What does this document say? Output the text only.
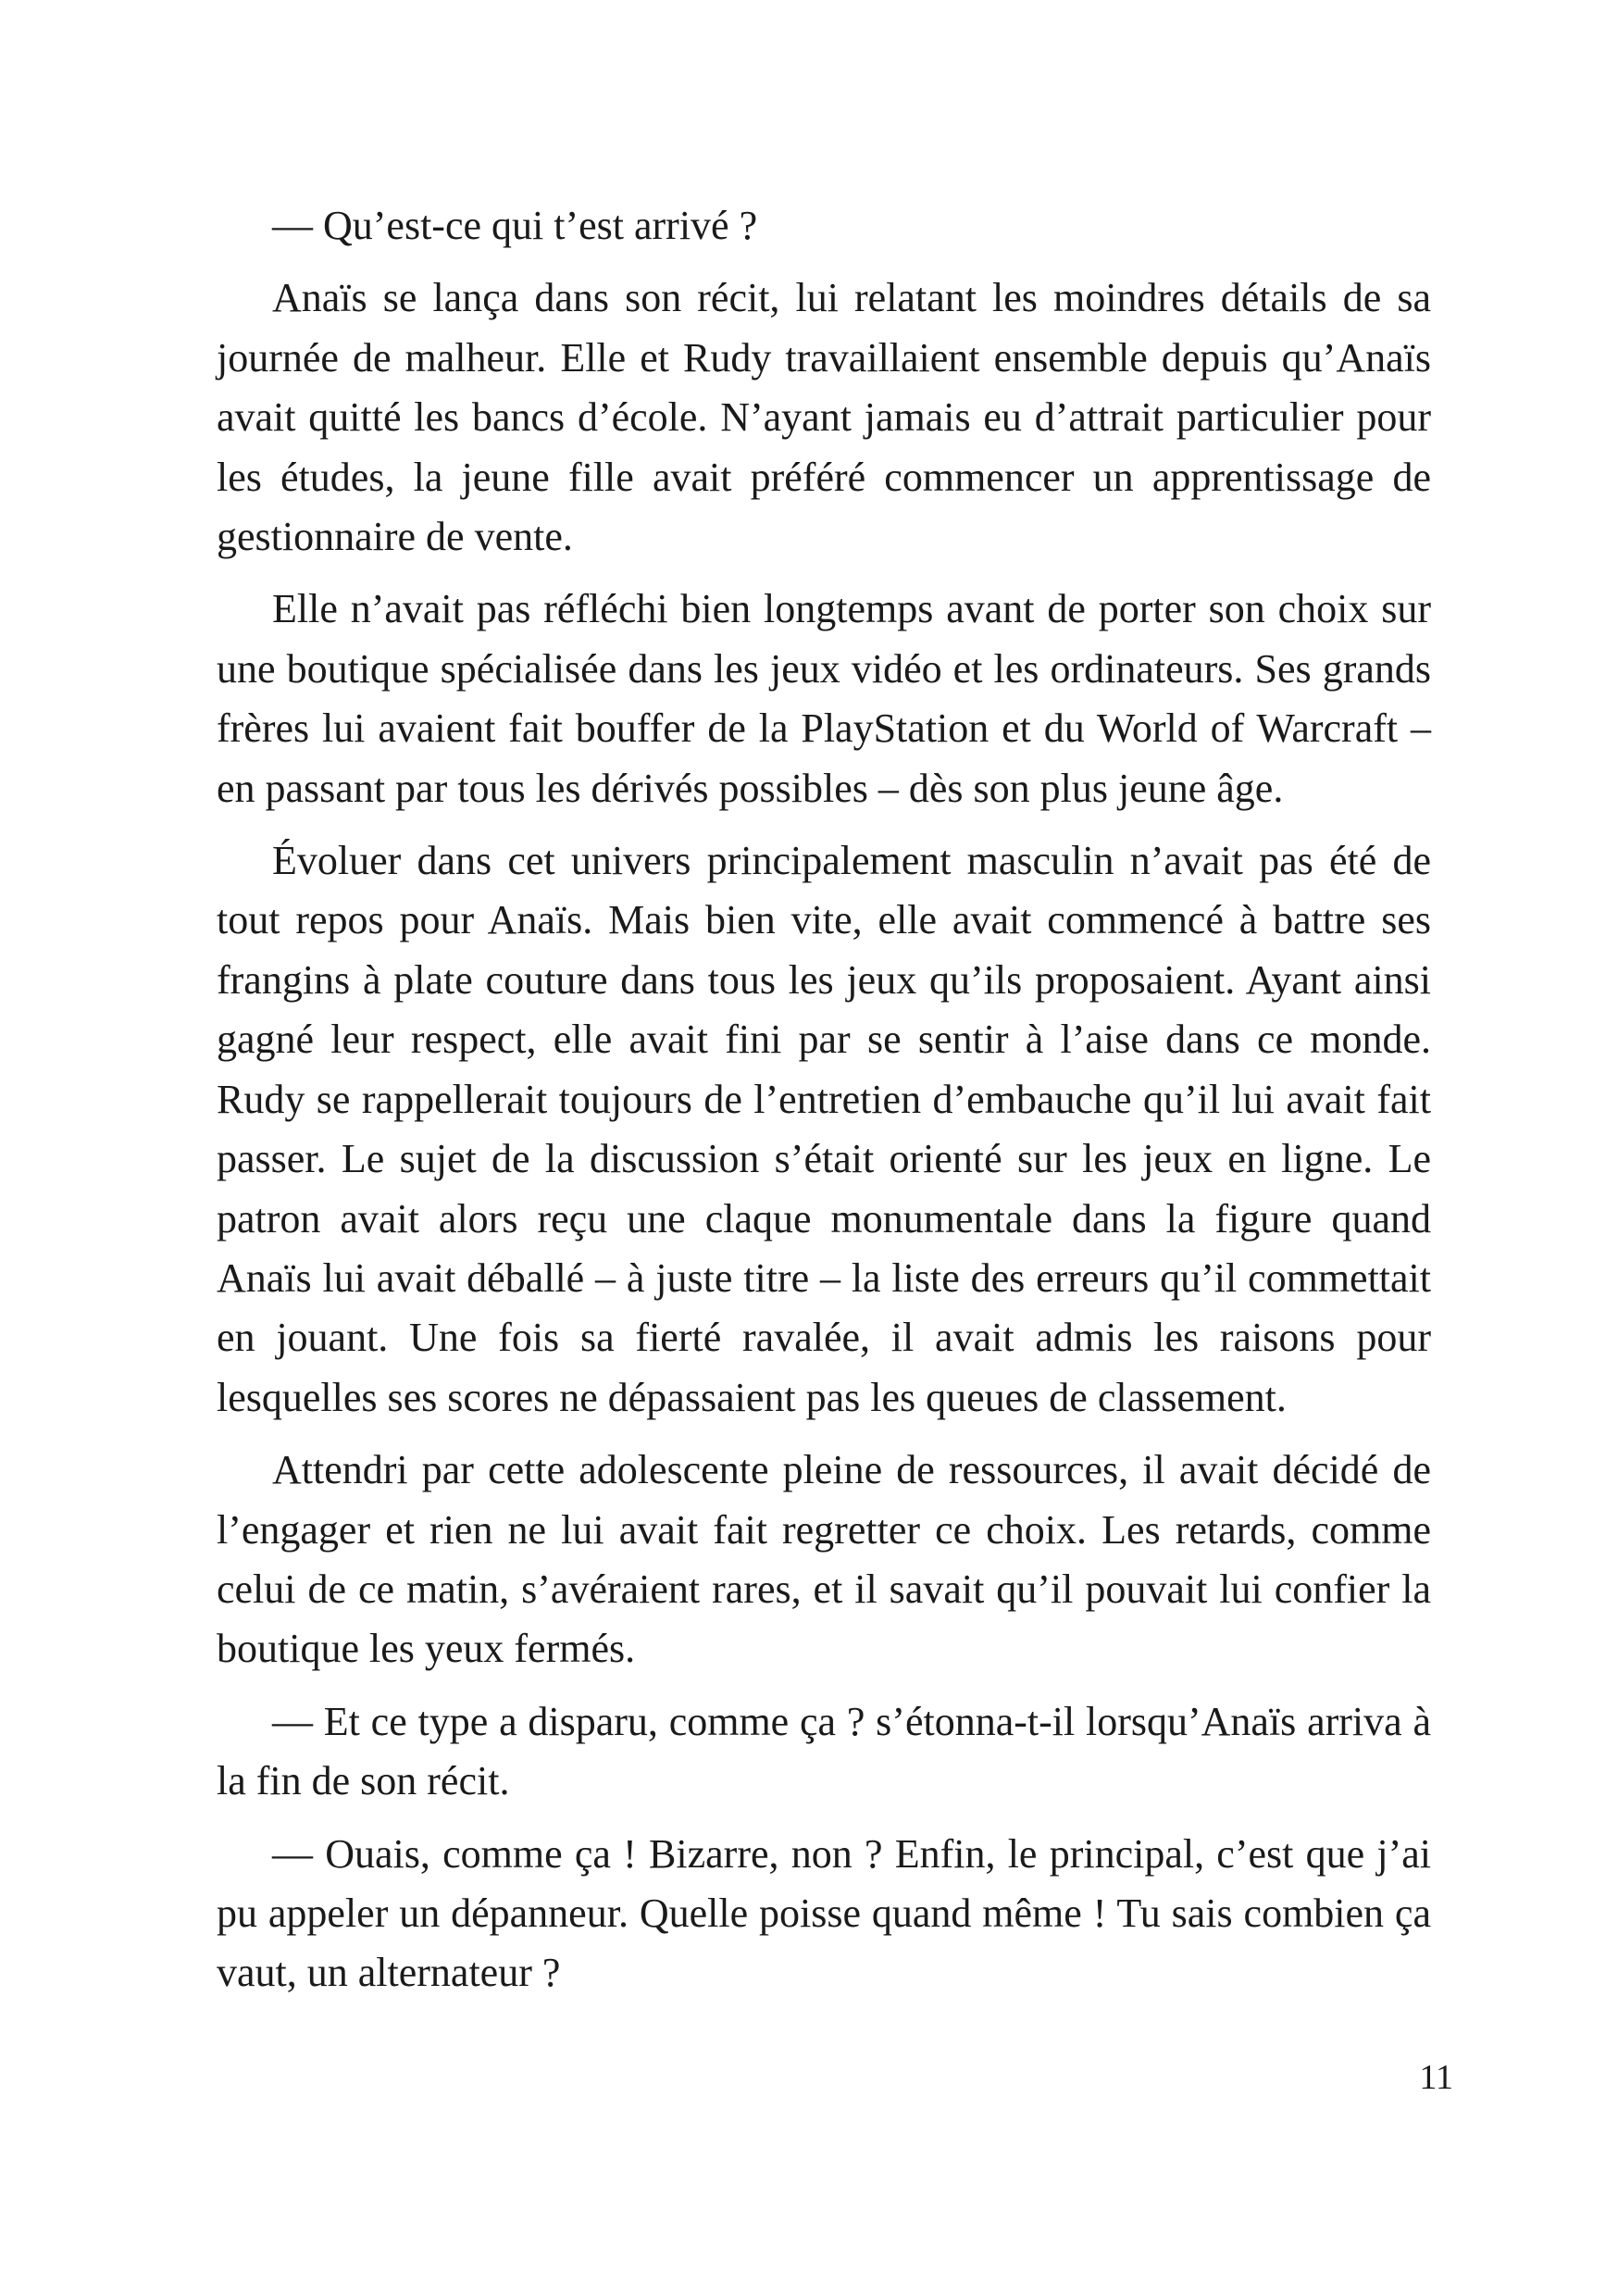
— Qu’est-ce qui t’est arrivé ?

Anaïs se lança dans son récit, lui relatant les moindres détails de sa journée de malheur. Elle et Rudy travaillaient ensemble depuis qu’Anaïs avait quitté les bancs d’école. N’ayant jamais eu d’attrait particulier pour les études, la jeune fille avait préféré commencer un apprentissage de gestionnaire de vente.

Elle n’avait pas réfléchi bien longtemps avant de porter son choix sur une boutique spécialisée dans les jeux vidéo et les ordinateurs. Ses grands frères lui avaient fait bouffer de la PlayStation et du World of Warcraft – en passant par tous les dérivés possibles – dès son plus jeune âge.

Évoluer dans cet univers principalement masculin n’avait pas été de tout repos pour Anaïs. Mais bien vite, elle avait commencé à battre ses frangins à plate couture dans tous les jeux qu’ils proposaient. Ayant ainsi gagné leur respect, elle avait fini par se sentir à l’aise dans ce monde. Rudy se rappellerait toujours de l’entretien d’embauche qu’il lui avait fait passer. Le sujet de la discussion s’était orienté sur les jeux en ligne. Le patron avait alors reçu une claque monumentale dans la figure quand Anaïs lui avait déballé – à juste titre – la liste des erreurs qu’il commettait en jouant. Une fois sa fierté ravalée, il avait admis les raisons pour lesquelles ses scores ne dépassaient pas les queues de classement.

Attendri par cette adolescente pleine de ressources, il avait décidé de l’engager et rien ne lui avait fait regretter ce choix. Les retards, comme celui de ce matin, s’avéraient rares, et il savait qu’il pouvait lui confier la boutique les yeux fermés.

— Et ce type a disparu, comme ça ? s’étonna-t-il lorsqu’Anaïs arriva à la fin de son récit.

— Ouais, comme ça ! Bizarre, non ? Enfin, le principal, c’est que j’ai pu appeler un dépanneur. Quelle poisse quand même ! Tu sais combien ça vaut, un alternateur ?

11
